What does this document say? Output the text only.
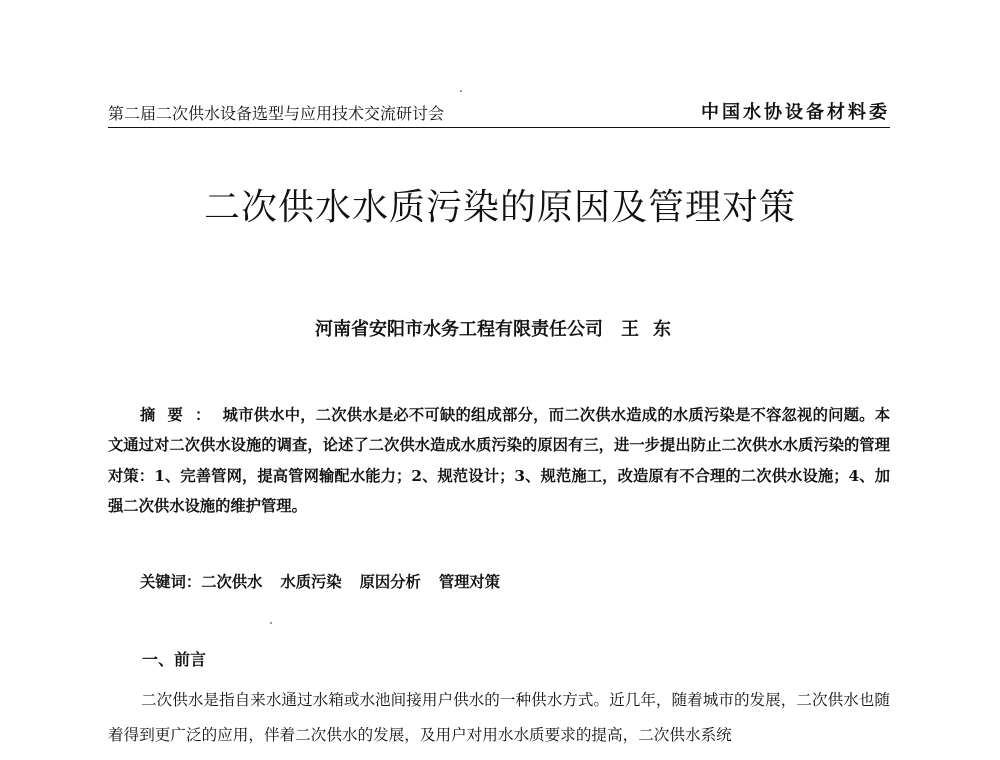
第二届二次供水设备选型与应用技术交流研讨会	中国水协设备材料委
二次供水水质污染的原因及管理对策
河南省安阳市水务工程有限责任公司 王东
摘要：城市供水中，二次供水是必不可缺的组成部分，而二次供水造成的水质污染是不容忽视的问题。本文通过对二次供水设施的调查，论述了二次供水造成水质污染的原因有三，进一步提出防止二次供水水质污染的管理对策：1、完善管网，提高管网输配水能力；2、规范设计；3、规范施工，改造原有不合理的二次供水设施；4、加强二次供水设施的维护管理。
关键词：二次供水 水质污染 原因分析 管理对策
一、前言
二次供水是指自来水通过水箱或水池间接用户供水的一种供水方式。近几年，随着城市的发展，二次供水也随着得到更广泛的应用，伴着二次供水的发展，及用户对用水水质要求的提高，二次供水系统
